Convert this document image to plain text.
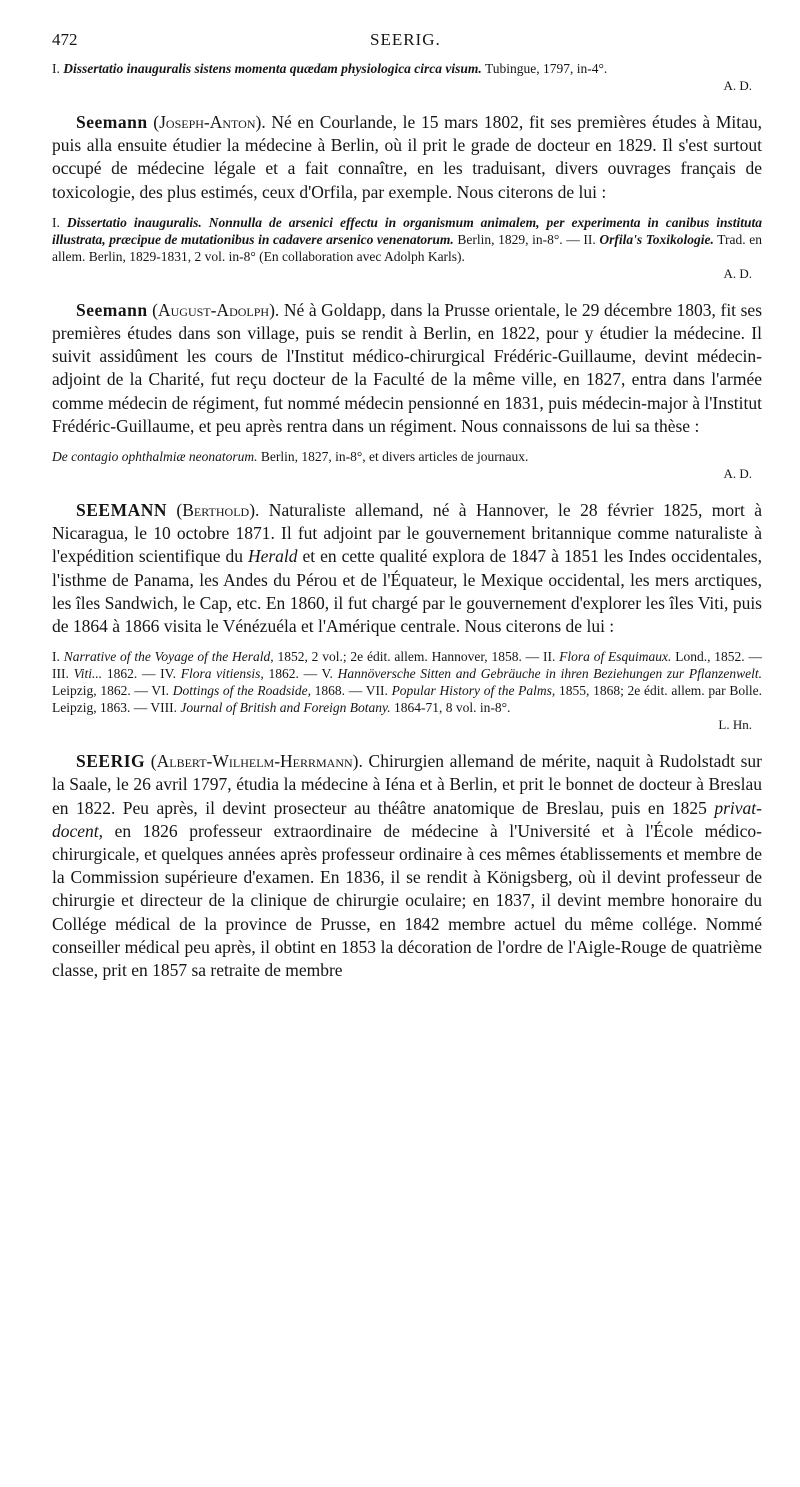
472	SEERIG.
I. Dissertatio inauguralis sistens momenta quædam physiologica circa visum. Tubingue, 1797, in-4°.
A. D.

Seemann (Joseph-Anton). Né en Courlande, le 15 mars 1802, fit ses premières études à Mitau, puis alla ensuite étudier la médecine à Berlin, où il prit le grade de docteur en 1829. Il s'est surtout occupé de médecine légale et a fait connaître, en les traduisant, divers ouvrages français de toxicologie, des plus estimés, ceux d'Orfila, par exemple. Nous citerons de lui :

I. Dissertatio inauguralis. Nonnulla de arsenici effectu in organismum animalem, per experimenta in canibus instituta illustrata, præcipue de mutationibus in cadavere arsenico venenatorum. Berlin, 1829, in-8°. — II. Orfila's Toxikologie. Trad. en allem. Berlin, 1829-1831, 2 vol. in-8° (En collaboration avec Adolph Karls).
A. D.

Seemann (August-Adolph). Né à Goldapp, dans la Prusse orientale, le 29 décembre 1803, fit ses premières études dans son village, puis se rendit à Berlin, en 1822, pour y étudier la médecine. Il suivit assidûment les cours de l'Institut médico-chirurgical Frédéric-Guillaume, devint médecin-adjoint de la Charité, fut reçu docteur de la Faculté de la même ville, en 1827, entra dans l'armée comme médecin de régiment, fut nommé médecin pensionné en 1831, puis médecin-major à l'Institut Frédéric-Guillaume, et peu après rentra dans un régiment. Nous connaissons de lui sa thèse :

De contagio ophthalmiæ neonatorum. Berlin, 1827, in-8°, et divers articles de journaux.
A. D.

SEEMANN (Berthold). Naturaliste allemand, né à Hannover, le 28 février 1825, mort à Nicaragua, le 10 octobre 1871. Il fut adjoint par le gouvernement britannique comme naturaliste à l'expédition scientifique du Herald et en cette qualité explora de 1847 à 1851 les Indes occidentales, l'isthme de Panama, les Andes du Pérou et de l'Équateur, le Mexique occidental, les mers arctiques, les îles Sandwich, le Cap, etc. En 1860, il fut chargé par le gouvernement d'explorer les îles Viti, puis de 1864 à 1866 visita le Vénézuéla et l'Amérique centrale. Nous citerons de lui :

I. Narrative of the Voyage of the Herald, 1852, 2 vol.; 2e édit. allem. Hannover, 1858. — II. Flora of Esquimaux. Lond., 1852. — III. Viti... 1862. — IV. Flora vitiensis, 1862. — V. Hannöversche Sitten and Gebräuche in ihren Beziehungen zur Pflanzenwelt. Leipzig, 1862. — VI. Dottings of the Roadside, 1868. — VII. Popular History of the Palms, 1855, 1868; 2e édit. allem. par Bolle. Leipzig, 1863. — VIII. Journal of British and Foreign Botany. 1864-71, 8 vol. in-8°.
L. Hn.

SEERIG (Albert-Wilhelm-Herrmann). Chirurgien allemand de mérite, naquit à Rudolstadt sur la Saale, le 26 avril 1797, étudia la médecine à Iéna et à Berlin, et prit le bonnet de docteur à Breslau en 1822. Peu après, il devint prosecteur au théâtre anatomique de Breslau, puis en 1825 privat-docent, en 1826 professeur extraordinaire de médecine à l'Université et à l'École médico-chirurgicale, et quelques années après professeur ordinaire à ces mêmes établissements et membre de la Commission supérieure d'examen. En 1836, il se rendit à Königsberg, où il devint professeur de chirurgie et directeur de la clinique de chirurgie oculaire; en 1837, il devint membre honoraire du Collége médical de la province de Prusse, en 1842 membre actuel du même collége. Nommé conseiller médical peu après, il obtint en 1853 la décoration de l'ordre de l'Aigle-Rouge de quatrième classe, prit en 1857 sa retraite de membre
